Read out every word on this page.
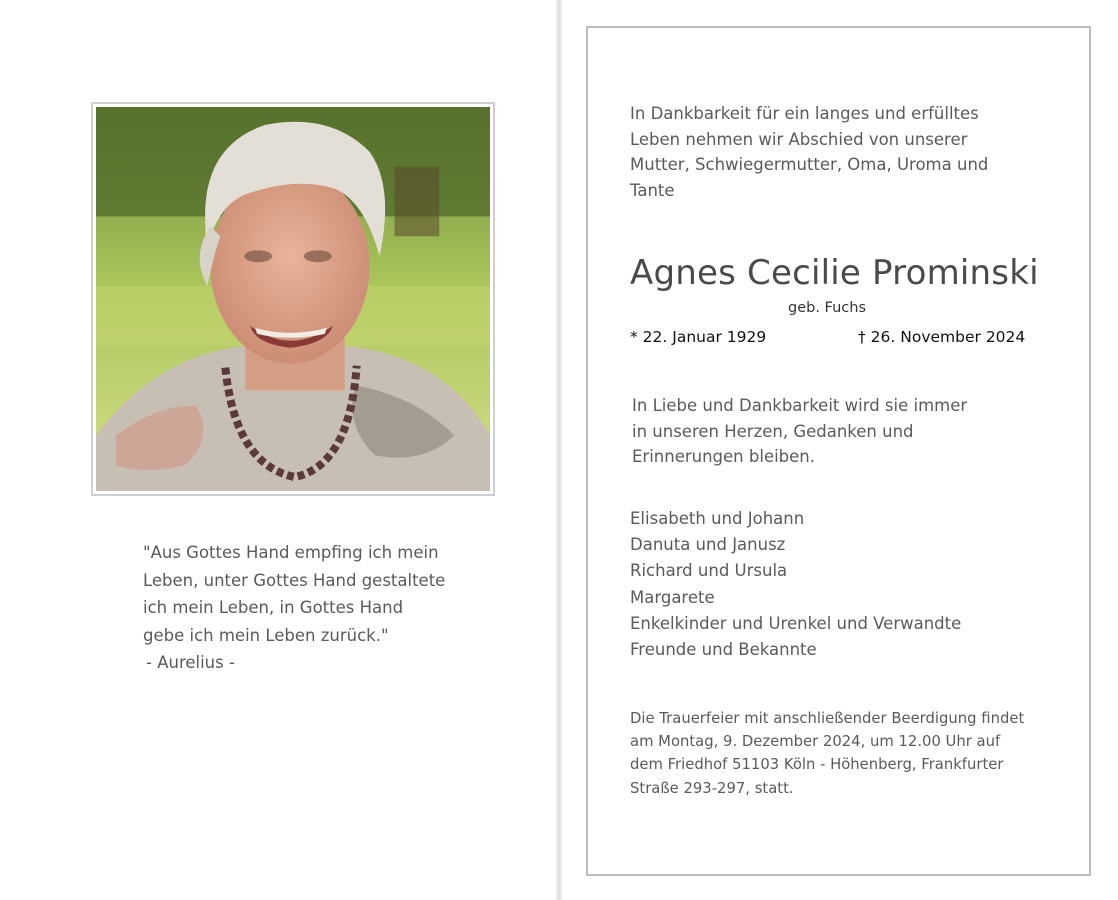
"Aus Gottes Hand empfing ich mein
Leben, unter Gottes Hand gestaltete
ich mein Leben, in Gottes Hand
gebe ich mein Leben zurück."
- Aurelius -
In Dankbarkeit für ein langes und erfülltes
Leben nehmen wir Abschied von unserer
Mutter, Schwiegermutter, Oma, Uroma und
Tante
Agnes Cecilie Prominski
geb. Fuchs
* 22. Januar 1929	† 26. November 2024
In Liebe und Dankbarkeit wird sie immer
in unseren Herzen, Gedanken und
Erinnerungen bleiben.
Elisabeth und Johann
Danuta und Janusz
Richard und Ursula
Margarete
Enkelkinder und Urenkel und Verwandte
Freunde und Bekannte
Die Trauerfeier mit anschließender Beerdigung findet
am Montag, 9. Dezember 2024, um 12.00 Uhr auf
dem Friedhof 51103 Köln - Höhenberg, Frankfurter
Straße 293-297, statt.
